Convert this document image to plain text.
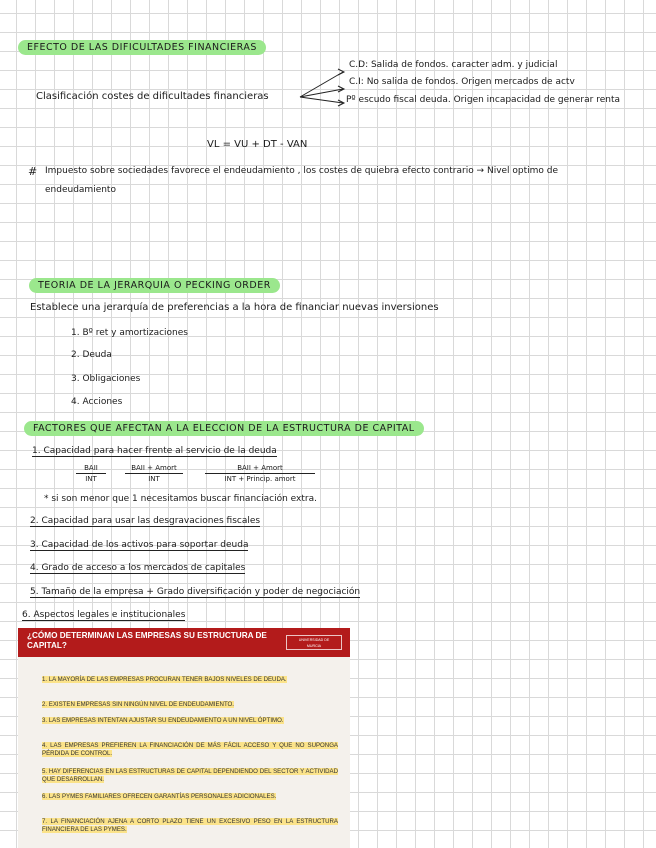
EFECTO DE LAS DIFICULTADES FINANCIERAS
Clasificación costes de dificultades financieras
C.D: Salida de fondos. caracter adm. y judicial
C.I: No salida de fondos. Origen mercados de actv
Pº escudo fiscal deuda. Origen incapacidad de generar renta
VL = VU + DT - VAN
# Impuesto sobre sociedades favorece el endeudamiento , los costes de quiebra efecto contrario → Nivel optimo de
endeudamiento
TEORIA DE LA JERARQUIA O PECKING ORDER
Establece una jerarquía de preferencias a la hora de financiar nuevas inversiones
1. Bº ret y amortizaciones
2. Deuda
3. Obligaciones
4. Acciones
FACTORES QUE AFECTAN A LA ELECCION DE LA ESTRUCTURA DE CAPITAL
1. Capacidad para hacer frente al servicio de la deuda
BAII
INT
BAII + Amort
INT
BAII + Amort
INT + Princip. amort
* si son menor que 1 necesitamos buscar financiación extra.
2. Capacidad para usar las desgravaciones fiscales
3. Capacidad de los activos para soportar deuda
4. Grado de acceso a los mercados de capitales
5. Tamaño de la empresa + Grado diversificación y poder de negociación
6. Aspectos legales e institucionales
¿CÓMO DETERMINAN LAS EMPRESAS SU ESTRUCTURA DE CAPITAL?
UNIVERSIDAD DE
MURCIA
1. LA MAYORÍA DE LAS EMPRESAS PROCURAN TENER BAJOS NIVELES DE DEUDA.
2. EXISTEN EMPRESAS SIN NINGÚN NIVEL DE ENDEUDAMIENTO.
3. LAS EMPRESAS INTENTAN AJUSTAR SU ENDEUDAMIENTO A UN NIVEL ÓPTIMO.
4. LAS EMPRESAS PREFIEREN LA FINANCIACIÓN DE MÁS FÁCIL ACCESO Y QUE NO SUPONGA PÉRDIDA DE CONTROL.
5. HAY DIFERENCIAS EN LAS ESTRUCTURAS DE CAPITAL DEPENDIENDO DEL SECTOR Y ACTIVIDAD QUE DESARROLLAN.
6. LAS PYMES FAMILIARES OFRECEN GARANTÍAS PERSONALES ADICIONALES.
7. LA FINANCIACIÓN AJENA A CORTO PLAZO TIENE UN EXCESIVO PESO EN LA ESTRUCTURA FINANCIERA DE LAS PYMES.
